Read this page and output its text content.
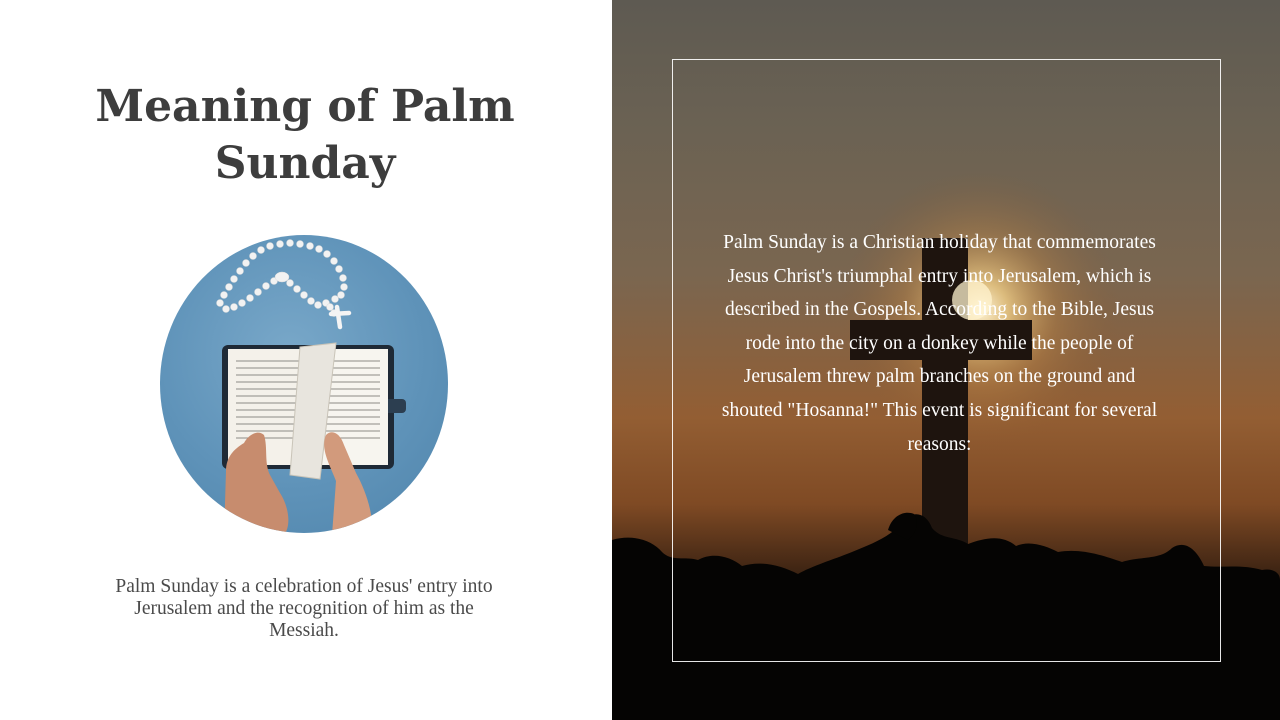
Meaning of Palm Sunday

Palm Sunday is a celebration of Jesus' entry into Jerusalem and the recognition of him as the Messiah.

Palm Sunday is a Christian holiday that commemorates Jesus Christ's triumphal entry into Jerusalem, which is described in the Gospels. According to the Bible, Jesus rode into the city on a donkey while the people of Jerusalem threw palm branches on the ground and shouted "Hosanna!" This event is significant for several reasons:
